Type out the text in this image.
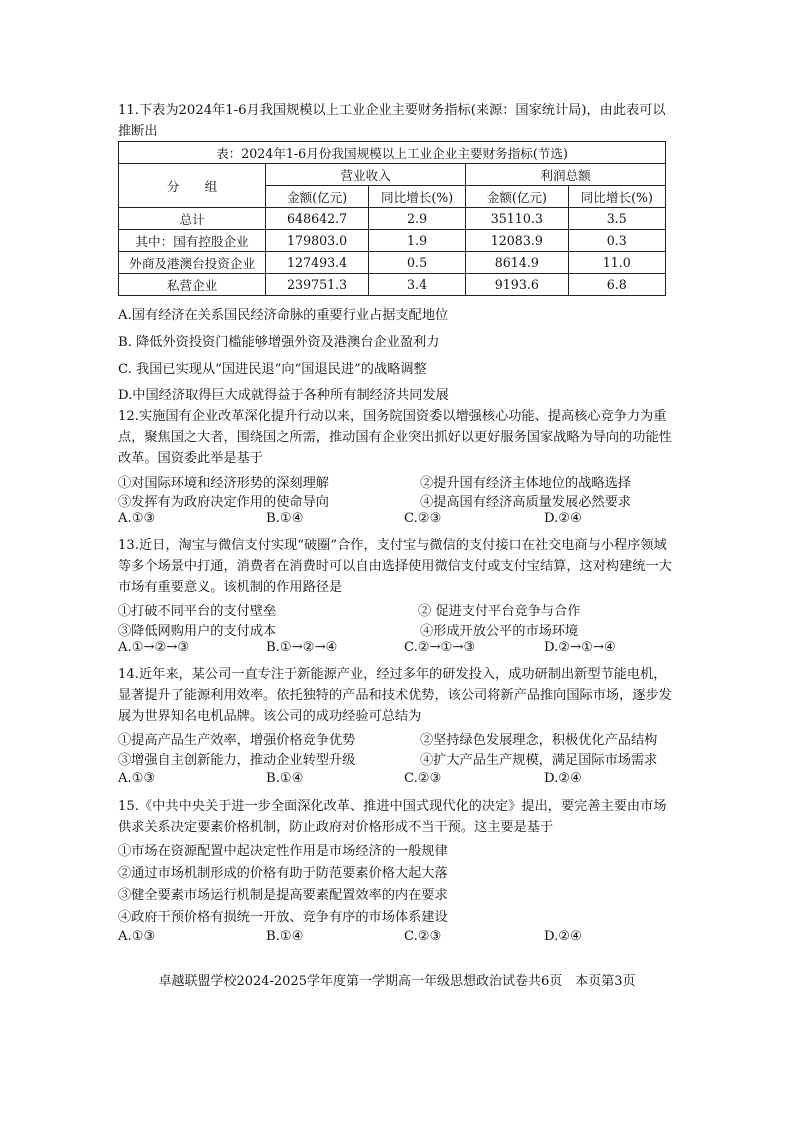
11.下表为2024年1-6月我国规模以上工业企业主要财务指标(来源：国家统计局)，由此表可以推断出
表：2024年1-6月份我国规模以上工业企业主要财务指标(节选)				
分　　组	营业收入		利润总额	
	金额(亿元)	同比增长(%)	金额(亿元)	同比增长(%)
总计	648642.7	2.9	35110.3	3.5
其中：国有控股企业	179803.0	1.9	12083.9	0.3
外商及港澳台投资企业	127493.4	0.5	8614.9	11.0
私营企业	239751.3	3.4	9193.6	6.8
A.国有经济在关系国民经济命脉的重要行业占据支配地位
B. 降低外资投资门槛能够增强外资及港澳台企业盈利力
C. 我国已实现从“国进民退”向“国退民进”的战略调整
D.中国经济取得巨大成就得益于各种所有制经济共同发展
12.实施国有企业改革深化提升行动以来，国务院国资委以增强核心功能、提高核心竞争力为重点，聚焦国之大者，围绕国之所需，推动国有企业突出抓好以更好服务国家战略为导向的功能性改革。国资委此举是基于
①对国际环境和经济形势的深刻理解	②提升国有经济主体地位的战略选择
③发挥有为政府决定作用的使命导向	④提高国有经济高质量发展必然要求
A.①③	B.①④	C.②③	D.②④
13.近日，淘宝与微信支付实现“破圈”合作，支付宝与微信的支付接口在社交电商与小程序领域等多个场景中打通，消费者在消费时可以自由选择使用微信支付或支付宝结算，这对构建统一大市场有重要意义。该机制的作用路径是
①打破不同平台的支付壁垒	② 促进支付平台竞争与合作
③降低网购用户的支付成本	④形成开放公平的市场环境
A.①→②→③	B.①→②→④	C.②→①→③	D.②→①→④
14.近年来，某公司一直专注于新能源产业，经过多年的研发投入，成功研制出新型节能电机，显著提升了能源利用效率。依托独特的产品和技术优势，该公司将新产品推向国际市场，逐步发展为世界知名电机品牌。该公司的成功经验可总结为
①提高产品生产效率，增强价格竞争优势	②坚持绿色发展理念，积极优化产品结构
③增强自主创新能力，推动企业转型升级	④扩大产品生产规模，满足国际市场需求
A.①③	B.①④	C.②③	D.②④
15.《中共中央关于进一步全面深化改革、推进中国式现代化的决定》提出，要完善主要由市场供求关系决定要素价格机制，防止政府对价格形成不当干预。这主要是基于
①市场在资源配置中起决定性作用是市场经济的一般规律
②通过市场机制形成的价格有助于防范要素价格大起大落
③健全要素市场运行机制是提高要素配置效率的内在要求
④政府干预价格有损统一开放、竞争有序的市场体系建设
A.①③	B.①④	C.②③	D.②④
卓越联盟学校2024-2025学年度第一学期高一年级思想政治试卷共6页　本页第3页
